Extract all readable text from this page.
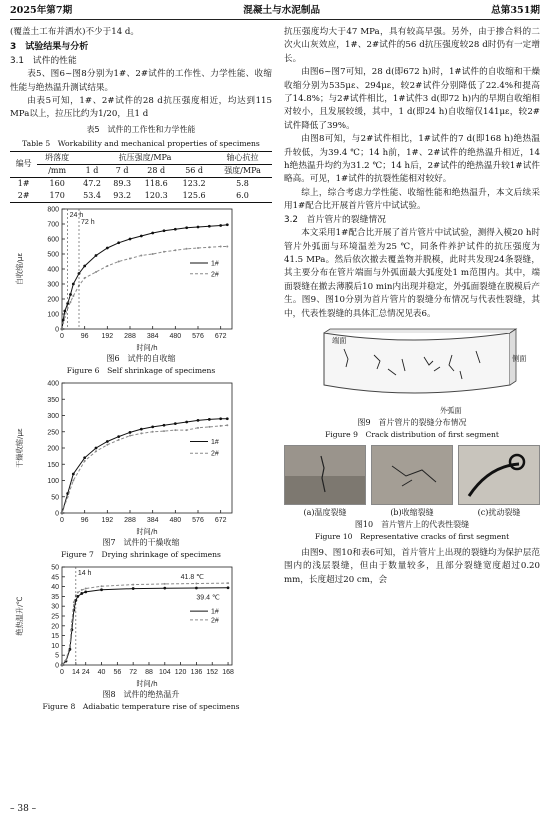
2025年第7期	混凝土与水泥制品	总第351期

(覆盖土工布并洒水)不少于14 d。

3　试验结果与分析
3.1　试件的性能

表5、图6~图8分别为1#、2#试件的工作性、力学性能、收缩性能与绝热温升测试结果。

由表5可知，1#、2#试件的28 d抗压强度相近，均达到115 MPa以上，拉压比约为1/20，且1 d

表5　试件的工作性和力学性能
Table 5　Workability and mechanical properties of specimens
编号	坍落度	抗压强度/MPa				轴心抗拉
	/mm	1 d	7 d	28 d	56 d	强度/MPa
1#	160	47.2	89.3	118.6	123.2	5.8
2#	170	53.4	93.2	120.3	125.6	6.0
0 96 192 288 384 480 576 672
0
100
200
300
400
500
600
700
800
时间/h
自收缩/με	1#
2#
24 h
72 h
图6　试件的自收缩
Figure 6　Self shrinkage of specimens
0 96 192 288 384 480 576 672
0
50
100
150
200
250
300
350
400
时间/h
干燥收缩/με	1#
2#
图7　试件的干燥收缩
Figure 7　Drying shrinkage of specimens
0 14 24 40 56 72 88 104 120 136 152 168
0
5
10
15
20
25
30
35
40
45
50
时间/h
绝热温升/℃	1#
2#
14 h
41.8 ℃
39.4 ℃
图8　试件的绝热温升
Figure 8　Adiabatic temperature rise of specimens

抗压强度均大于47 MPa，具有较高早强。另外，由于掺合料的二次火山灰效应，1#、2#试件的56 d抗压强度较28 d时仍有一定增长。

由图6~图7可知，28 d(即672 h)时，1#试件的自收缩和干燥收缩分别为535με、294με，较2#试件分别降低了22.4%和提高了14.8%；与2#试件相比，1#试件3 d(即72 h)内的早期自收缩相对较小，且发展较缓，其中，1 d(即24 h)自收缩仅141με，较2#试件降低了39%。

由图8可知，与2#试件相比，1#试件的7 d(即168 h)绝热温升较低，为39.4 ℃；14 h前，1#、2#试件的绝热温升相近，14 h绝热温升均约为31.2 ℃；14 h后，2#试件的绝热温升较1#试件略高。可见，1#试件的抗裂性能相对较好。

综上，综合考虑力学性能、收缩性能和绝热温升，本文后续采用1#配合比开展首片管片中试试验。

3.2　首片管片的裂缝情况

本文采用1#配合比开展了首片管片中试试验，测得入模20 h时管片外弧面与环境温差为25 ℃，同条件养护试件的抗压强度为41.5 MPa。然后依次撤去覆盖物并脱模，此时共发现24条裂缝，其主要分布在管片端面与外弧面最大弧度处1 m范围内。其中，端面裂缝在撤去薄膜后10 min内出现并稳定，外弧面裂缝在脱模后产生。图9、图10分别为首片管片的裂缝分布情况与代表性裂缝，其中，代表性裂缝的具体汇总情况见表6。

端面
侧面
外弧面
图9　首片管片的裂缝分布情况
Figure 9　Crack distribution of first segment
(a)温度裂缝	(b)收缩裂缝	(c)扰动裂缝
图10　首片管片上的代表性裂缝
Figure 10　Representative cracks of first segment

由图9、图10和表6可知，首片管片上出现的裂缝均为保护层范围内的浅层裂缝，但由于数量较多，且部分裂缝宽度超过0.20 mm，长度超过20 cm，会

– 38 –
